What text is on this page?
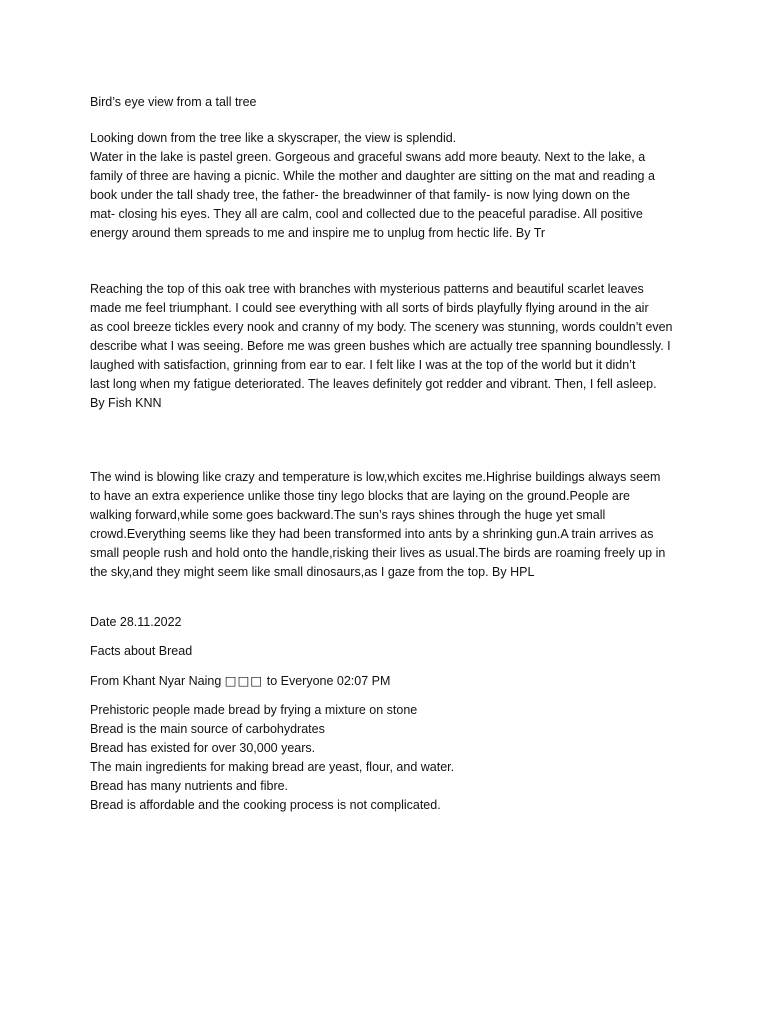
Bird’s eye view from a tall tree
Looking down from the tree like a skyscraper, the view is splendid.
Water in the lake is pastel green. Gorgeous and graceful swans add more beauty. Next to the lake, a
family of three are having a picnic. While the mother and daughter are sitting on the mat and reading a
book under the tall shady tree, the father- the breadwinner of that family- is now lying down on the
mat- closing his eyes. They all are calm, cool and collected due to the peaceful paradise. All positive
energy around them spreads to me and inspire me to unplug from hectic life. By Tr
Reaching the top of this oak tree with branches with mysterious patterns and beautiful scarlet leaves
made me feel triumphant. I could see everything with all sorts of birds playfully flying around in the air
as cool breeze tickles every nook and cranny of my body. The scenery was stunning, words couldn’t even
describe what I was seeing. Before me was green bushes which are actually tree spanning boundlessly. I
laughed with satisfaction, grinning from ear to ear. I felt like I was at the top of the world but it didn’t
last long when my fatigue deteriorated. The leaves definitely got redder and vibrant. Then, I fell asleep.
By Fish KNN
The wind is blowing like crazy and temperature is low,which excites me.Highrise buildings always seem
to have an extra experience unlike those tiny lego blocks that are laying on the ground.People are
walking forward,while some goes backward.The sun’s rays shines through the huge yet small
crowd.Everything seems like they had been transformed into ants by a shrinking gun.A train arrives as
small people rush and hold onto the handle,risking their lives as usual.The birds are roaming freely up in
the sky,and they might seem like small dinosaurs,as I gaze from the top. By HPL
Date 28.11.2022
Facts about Bread
From Khant Nyar Naing □□□ to Everyone 02:07 PM
Prehistoric people made bread by frying a mixture on stone
Bread is the main source of carbohydrates
Bread has existed for over 30,000 years.
The main ingredients for making bread are yeast, flour, and water.
Bread has many nutrients and fibre.
Bread is affordable and the cooking process is not complicated.
